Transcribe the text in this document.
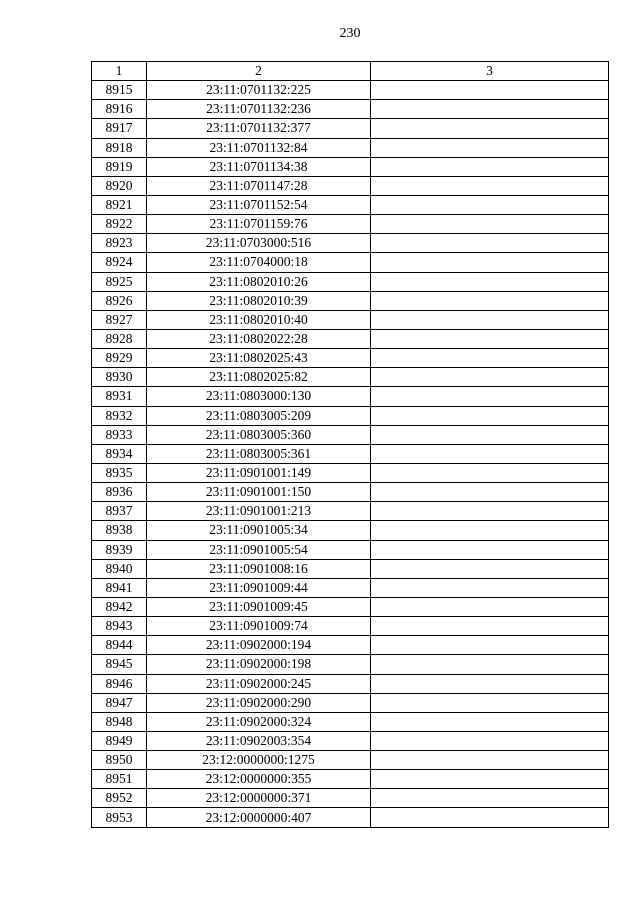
230
1	2	3
8915	23:11:0701132:225	
8916	23:11:0701132:236	
8917	23:11:0701132:377	
8918	23:11:0701132:84	
8919	23:11:0701134:38	
8920	23:11:0701147:28	
8921	23:11:0701152:54	
8922	23:11:0701159:76	
8923	23:11:0703000:516	
8924	23:11:0704000:18	
8925	23:11:0802010:26	
8926	23:11:0802010:39	
8927	23:11:0802010:40	
8928	23:11:0802022:28	
8929	23:11:0802025:43	
8930	23:11:0802025:82	
8931	23:11:0803000:130	
8932	23:11:0803005:209	
8933	23:11:0803005:360	
8934	23:11:0803005:361	
8935	23:11:0901001:149	
8936	23:11:0901001:150	
8937	23:11:0901001:213	
8938	23:11:0901005:34	
8939	23:11:0901005:54	
8940	23:11:0901008:16	
8941	23:11:0901009:44	
8942	23:11:0901009:45	
8943	23:11:0901009:74	
8944	23:11:0902000:194	
8945	23:11:0902000:198	
8946	23:11:0902000:245	
8947	23:11:0902000:290	
8948	23:11:0902000:324	
8949	23:11:0902003:354	
8950	23:12:0000000:1275	
8951	23:12:0000000:355	
8952	23:12:0000000:371	
8953	23:12:0000000:407	
